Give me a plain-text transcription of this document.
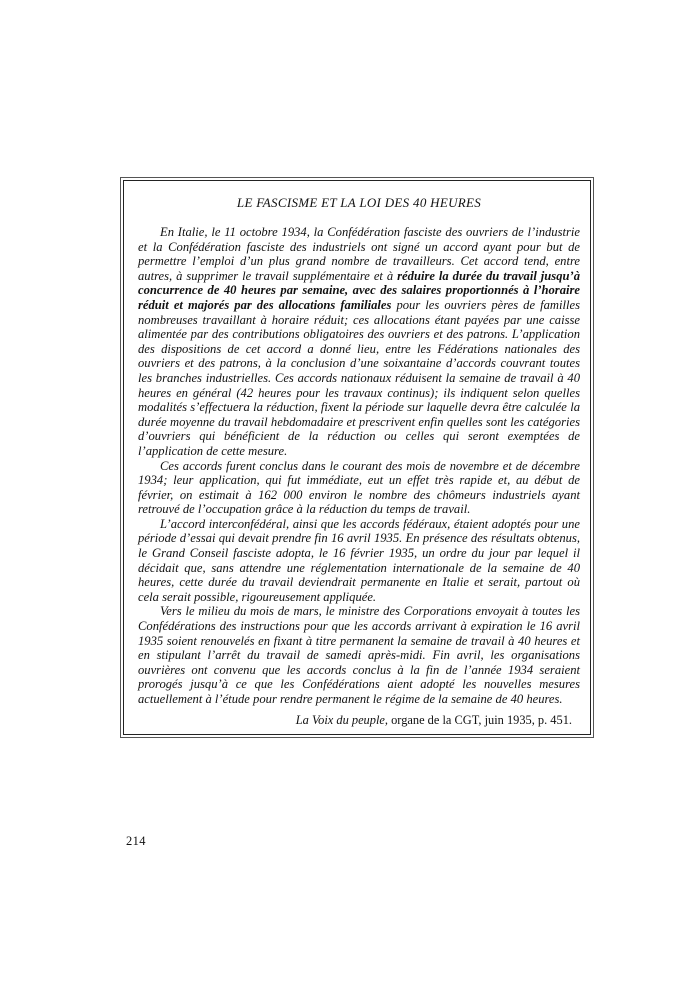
LE FASCISME ET LA LOI DES 40 HEURES

En Italie, le 11 octobre 1934, la Confédération fasciste des ouvriers de l’industrie et la Confédération fasciste des industriels ont signé un accord ayant pour but de permettre l’emploi d’un plus grand nombre de travailleurs. Cet accord tend, entre autres, à supprimer le travail supplémentaire et à réduire la durée du travail jusqu’à concurrence de 40 heures par semaine, avec des salaires proportionnés à l’horaire réduit et majorés par des allocations familiales pour les ouvriers pères de familles nombreuses travaillant à horaire réduit; ces allocations étant payées par une caisse alimentée par des contributions obligatoires des ouvriers et des patrons. L’application des dispositions de cet accord a donné lieu, entre les Fédérations nationales des ouvriers et des patrons, à la conclusion d’une soixantaine d’accords couvrant toutes les branches industrielles. Ces accords nationaux réduisent la semaine de travail à 40 heures en général (42 heures pour les travaux continus); ils indiquent selon quelles modalités s’effectuera la réduction, fixent la période sur laquelle devra être calculée la durée moyenne du travail hebdomadaire et prescrivent enfin quelles sont les catégories d’ouvriers qui bénéficient de la réduction ou celles qui seront exemptées de l’application de cette mesure.

Ces accords furent conclus dans le courant des mois de novembre et de décembre 1934; leur application, qui fut immédiate, eut un effet très rapide et, au début de février, on estimait à 162 000 environ le nombre des chômeurs industriels ayant retrouvé de l’occupation grâce à la réduction du temps de travail.

L’accord interconfédéral, ainsi que les accords fédéraux, étaient adoptés pour une période d’essai qui devait prendre fin 16 avril 1935. En présence des résultats obtenus, le Grand Conseil fasciste adopta, le 16 février 1935, un ordre du jour par lequel il décidait que, sans attendre une réglementation internationale de la semaine de 40 heures, cette durée du travail deviendrait permanente en Italie et serait, partout où cela serait possible, rigoureusement appliquée.

Vers le milieu du mois de mars, le ministre des Corporations envoyait à toutes les Confédérations des instructions pour que les accords arrivant à expiration le 16 avril 1935 soient renouvelés en fixant à titre permanent la semaine de travail à 40 heures et en stipulant l’arrêt du travail de samedi après-midi. Fin avril, les organisations ouvrières ont convenu que les accords conclus à la fin de l’année 1934 seraient prorogés jusqu’à ce que les Confédérations aient adopté les nouvelles mesures actuellement à l’étude pour rendre permanent le régime de la semaine de 40 heures.

La Voix du peuple, organe de la CGT, juin 1935, p. 451.
214
